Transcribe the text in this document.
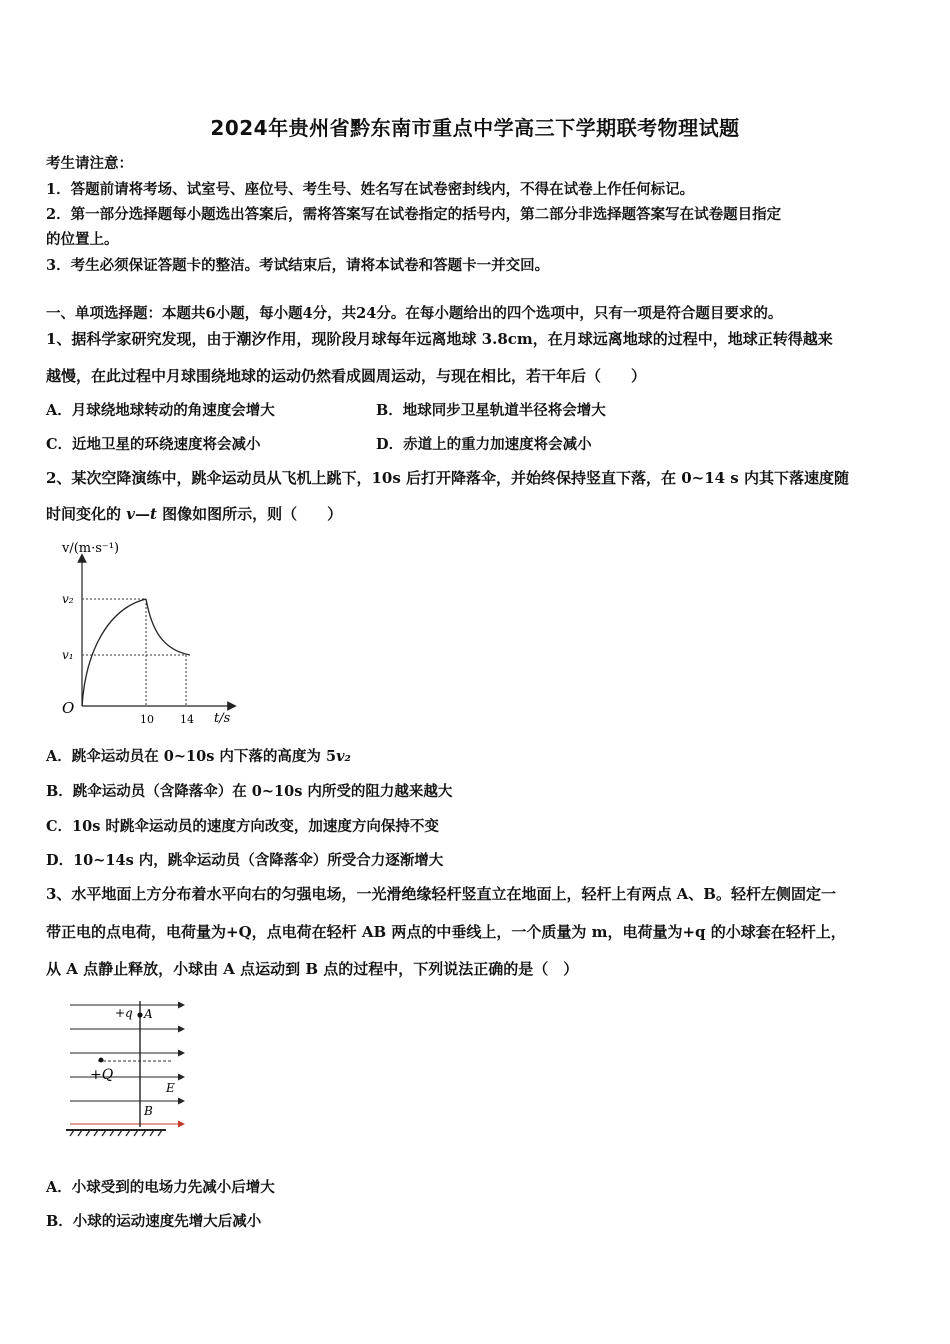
2024年贵州省黔东南市重点中学高三下学期联考物理试题
考生请注意：
1．答题前请将考场、试室号、座位号、考生号、姓名写在试卷密封线内，不得在试卷上作任何标记。
2．第一部分选择题每小题选出答案后，需将答案写在试卷指定的括号内，第二部分非选择题答案写在试卷题目指定
的位置上。
3．考生必须保证答题卡的整洁。考试结束后，请将本试卷和答题卡一并交回。
一、单项选择题：本题共6小题，每小题4分，共24分。在每小题给出的四个选项中，只有一项是符合题目要求的。
1、据科学家研究发现，由于潮汐作用，现阶段月球每年远离地球 3.8cm，在月球远离地球的过程中，地球正转得越来
越慢，在此过程中月球围绕地球的运动仍然看成圆周运动，与现在相比，若干年后（　　）
A．月球绕地球转动的角速度会增大	B．地球同步卫星轨道半径将会增大
C．近地卫星的环绕速度将会减小	D．赤道上的重力加速度将会减小
2、某次空降演练中，跳伞运动员从飞机上跳下，10s 后打开降落伞，并始终保持竖直下落，在 0~14 s 内其下落速度随
时间变化的 v—t 图像如图所示，则（　　）
v/(m·s⁻¹)
v₂
v₁
O
10 14 t/s
A．跳伞运动员在 0~10s 内下落的高度为 5v₂
B．跳伞运动员（含降落伞）在 0~10s 内所受的阻力越来越大
C．10s 时跳伞运动员的速度方向改变，加速度方向保持不变
D．10~14s 内，跳伞运动员（含降落伞）所受合力逐渐增大
3、水平地面上方分布着水平向右的匀强电场，一光滑绝缘轻杆竖直立在地面上，轻杆上有两点 A、B。轻杆左侧固定一
带正电的点电荷，电荷量为+Q，点电荷在轻杆 AB 两点的中垂线上，一个质量为 m，电荷量为+q 的小球套在轻杆上，
从 A 点静止释放，小球由 A 点运动到 B 点的过程中，下列说法正确的是（　）
+q A
+Q
E
B
A．小球受到的电场力先减小后增大
B．小球的运动速度先增大后减小
